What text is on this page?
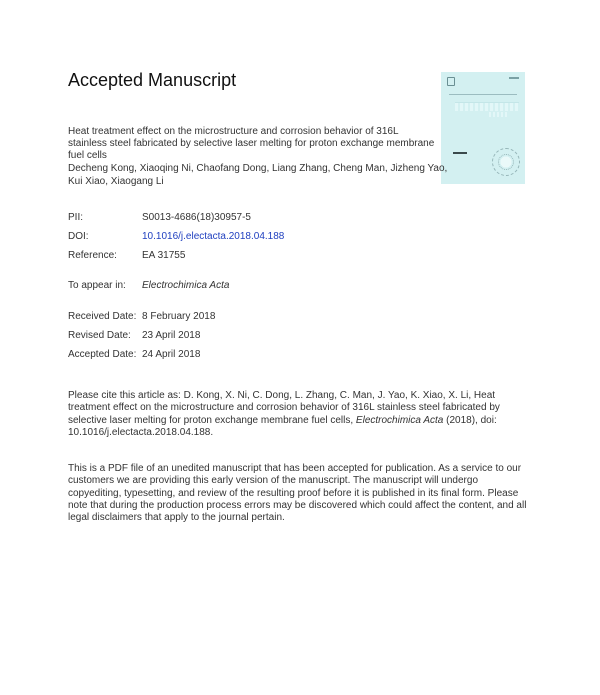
Accepted Manuscript
Heat treatment effect on the microstructure and corrosion behavior of 316L stainless steel fabricated by selective laser melting for proton exchange membrane fuel cells
Decheng Kong, Xiaoqing Ni, Chaofang Dong, Liang Zhang, Cheng Man, Jizheng Yao, Kui Xiao, Xiaogang Li
PII:	S0013-4686(18)30957-5
DOI:	10.1016/j.electacta.2018.04.188
Reference:	EA 31755
To appear in: Electrochimica Acta
Received Date: 8 February 2018
Revised Date: 23 April 2018
Accepted Date: 24 April 2018
Please cite this article as: D. Kong, X. Ni, C. Dong, L. Zhang, C. Man, J. Yao, K. Xiao, X. Li, Heat treatment effect on the microstructure and corrosion behavior of 316L stainless steel fabricated by selective laser melting for proton exchange membrane fuel cells, Electrochimica Acta (2018), doi: 10.1016/j.electacta.2018.04.188.
This is a PDF file of an unedited manuscript that has been accepted for publication. As a service to our customers we are providing this early version of the manuscript. The manuscript will undergo copyediting, typesetting, and review of the resulting proof before it is published in its final form. Please note that during the production process errors may be discovered which could affect the content, and all legal disclaimers that apply to the journal pertain.
